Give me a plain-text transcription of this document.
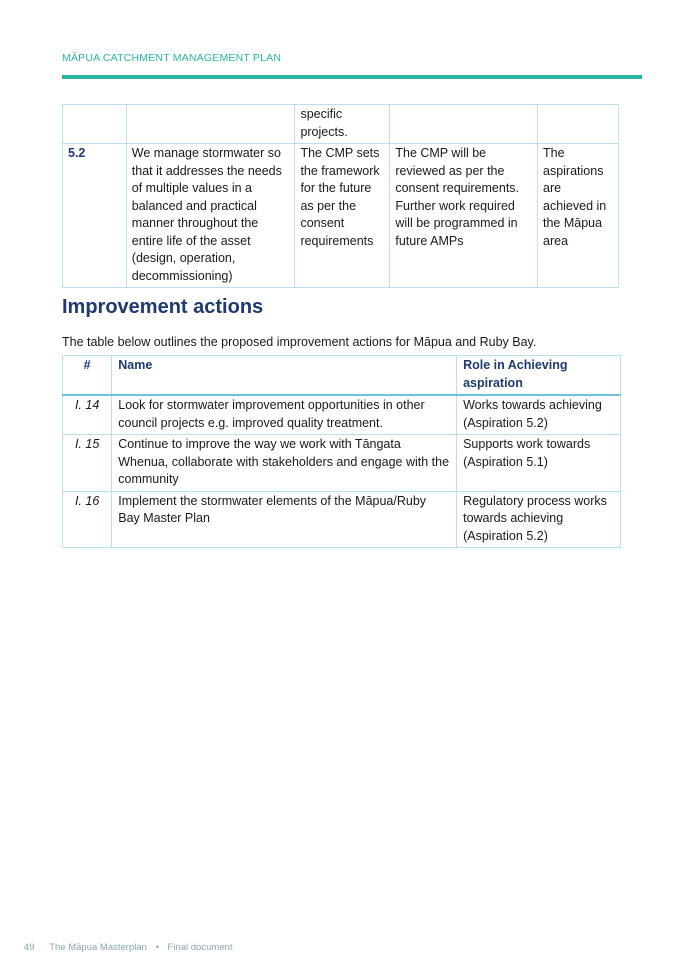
MĀPUA CATCHMENT MANAGEMENT PLAN
		specific projects.		
5.2	We manage stormwater so that it addresses the needs of multiple values in a balanced and practical manner throughout the entire life of the asset (design, operation, decommissioning)	The CMP sets the framework for the future as per the consent requirements	The CMP will be reviewed as per the consent requirements. Further work required will be programmed in future AMPs	The aspirations are achieved in the Māpua area
Improvement actions

The table below outlines the proposed improvement actions for Māpua and Ruby Bay.

#	Name	Role in Achieving aspiration
I. 14	Look for stormwater improvement opportunities in other council projects e.g. improved quality treatment.	Works towards achieving (Aspiration 5.2)
I. 15	Continue to improve the way we work with Tāngata Whenua, collaborate with stakeholders and engage with the community	Supports work towards (Aspiration 5.1)
I. 16	Implement the stormwater elements of the Māpua/Ruby Bay Master Plan	Regulatory process works towards achieving (Aspiration 5.2)
49 The Māpua Masterplan • Final document
